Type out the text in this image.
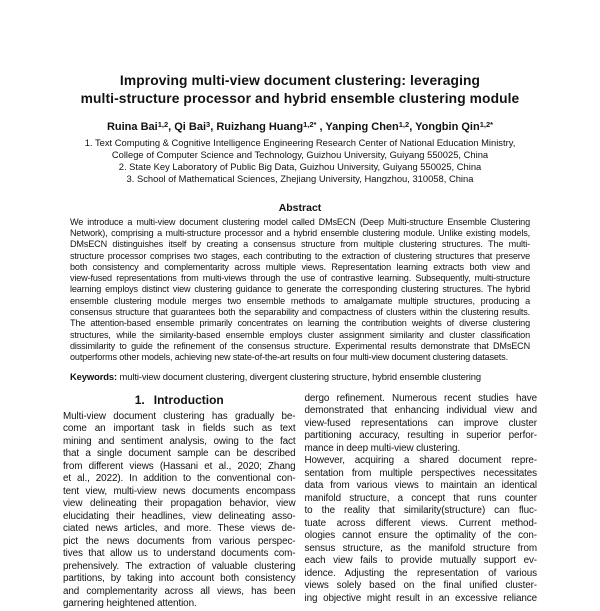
Improving multi-view document clustering: leveraging
multi-structure processor and hybrid ensemble clustering module
Ruina Bai$^{1,2}$, Qi Bai$^3$, Ruizhang Huang$^{1,2*}$ , Yanping Chen$^{1,2}$, Yongbin Qin$^{1,2*}$
1. Text Computing & Cognitive Intelligence Engineering Research Center of National Education Ministry,
College of Computer Science and Technology, Guizhou University, Guiyang 550025, China
2. State Key Laboratory of Public Big Data, Guizhou University, Guiyang 550025, China
3. School of Mathematical Sciences, Zhejiang University, Hangzhou, 310058, China
Abstract
We introduce a multi-view document clustering model called DMsECN (Deep Multi-structure Ensemble Clustering
Network), comprising a multi-structure processor and a hybrid ensemble clustering module. Unlike existing models,
DMsECN distinguishes itself by creating a consensus structure from multiple clustering structures. The multi-
structure processor comprises two stages, each contributing to the extraction of clustering structures that preserve
both consistency and complementarity across multiple views. Representation learning extracts both view and
view-fused representations from multi-views through the use of contrastive learning. Subsequently, multi-structure
learning employs distinct view clustering guidance to generate the corresponding clustering structures. The hybrid
ensemble clustering module merges two ensemble methods to amalgamate multiple structures, producing a
consensus structure that guarantees both the separability and compactness of clusters within the clustering results.
The attention-based ensemble primarily concentrates on learning the contribution weights of diverse clustering
structures, while the similarity-based ensemble employs cluster assignment similarity and cluster classification
dissimilarity to guide the refinement of the consensus structure. Experimental results demonstrate that DMsECN
outperforms other models, achieving new state-of-the-art results on four multi-view document clustering datasets.
Keywords: multi-view document clustering, divergent clustering structure, hybrid ensemble clustering
1. Introduction
Multi-view document clustering has gradually be-
come an important task in fields such as text
mining and sentiment analysis, owing to the fact
that a single document sample can be described
from different views (Hassani et al., 2020; Zhang
et al., 2022). In addition to the conventional con-
tent view, multi-view news documents encompass
view delineating their propagation behavior, view
elucidating their headlines, view delineating asso-
ciated news articles, and more. These views de-
pict the news documents from various perspec-
tives that allow us to understand documents com-
prehensively. The extraction of valuable clustering
partitions, by taking into account both consistency
and complementarity across all views, has been
garnering heightened attention.
dergo refinement. Numerous recent studies have
demonstrated that enhancing individual view and
view-fused representations can improve cluster
partitioning accuracy, resulting in superior perfor-
mance in deep multi-view clustering.
However, acquiring a shared document repre-
sentation from multiple perspectives necessitates
data from various views to maintain an identical
manifold structure, a concept that runs counter
to the reality that similarity(structure) can fluc-
tuate across different views. Current method-
ologies cannot ensure the optimality of the con-
sensus structure, as the manifold structure from
each view fails to provide mutually support ev-
idence. Adjusting the representation of various
views solely based on the final unified cluster-
ing objective might result in an excessive reliance
